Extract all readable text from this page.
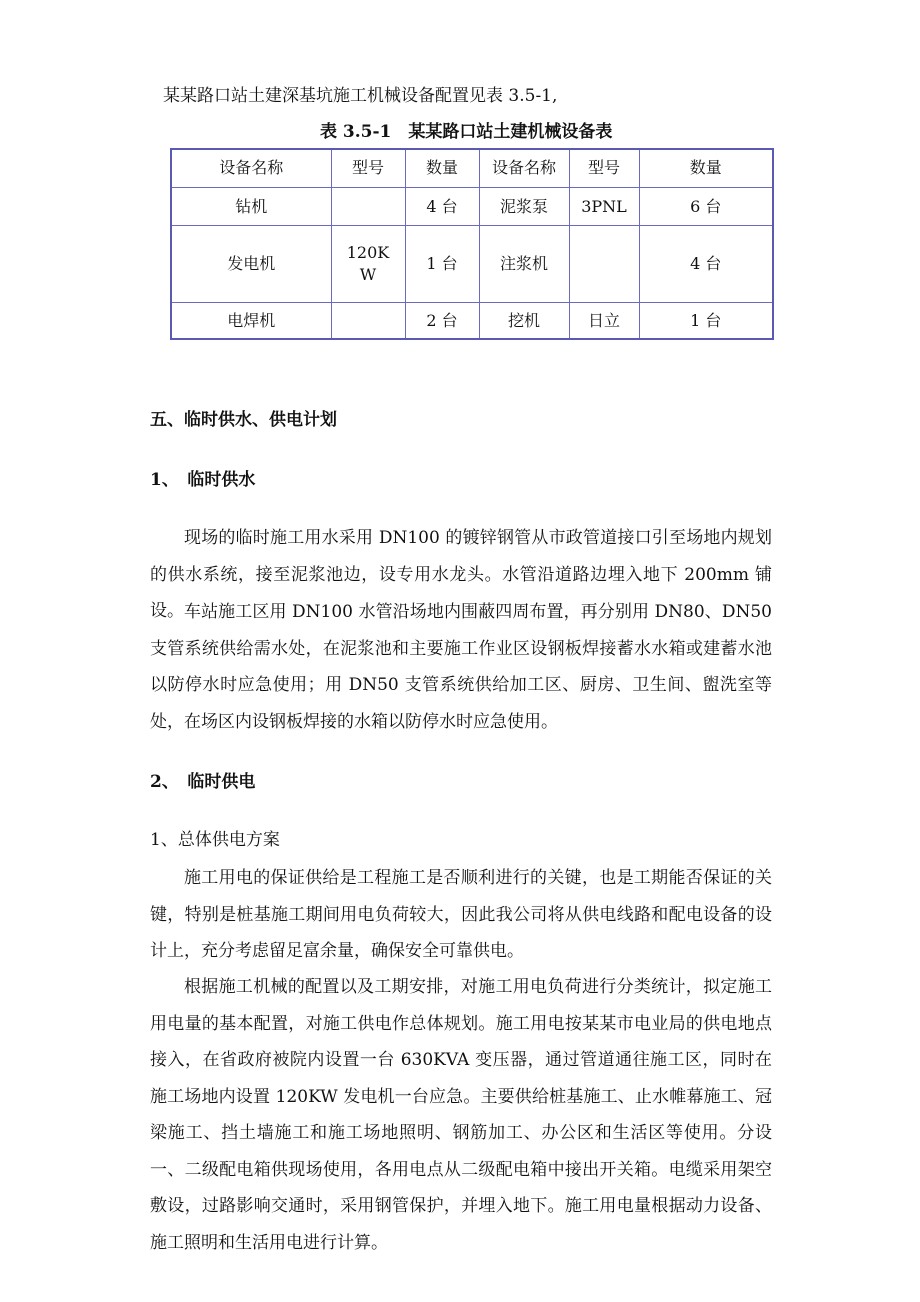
某某路口站土建深基坑施工机械设备配置见表 3.5-1,
表 3.5-1　某某路口站土建机械设备表
设备名称	型号	数量	设备名称	型号	数量
钻机		4 台	泥浆泵	3PNL	6 台
发电机	120KW	1 台	注浆机		4 台
电焊机		2 台	挖机	日立	1 台
五、临时供水、供电计划
1、　临时供水

现场的临时施工用水采用 DN100 的镀锌钢管从市政管道接口引至场地内规划的供水系统，接至泥浆池边，设专用水龙头。水管沿道路边埋入地下 200mm 铺设。 车站施工区用 DN100 水管沿场地内围蔽四周布置，再分别用 DN80、DN50 支管系统供给需水处，在泥浆池和主要施工作业区设钢板焊接蓄水水箱或建蓄水池以防停水时应急使用；用 DN50 支管系统供给加工区、厨房、卫生间、盥洗室等处，在场区内设钢板焊接的水箱以防停水时应急使用。

2、　临时供电
1、总体供电方案

施工用电的保证供给是工程施工是否顺利进行的关键，也是工期能否保证的关键，特别是桩基施工期间用电负荷较大，因此我公司将从供电线路和配电设备的设计上，充分考虑留足富余量，确保安全可靠供电。

根据施工机械的配置以及工期安排，对施工用电负荷进行分类统计，拟定施工用电量的基本配置，对施工供电作总体规划。施工用电按某某市电业局的供电地点接入，在省政府被院内设置一台 630KVA 变压器，通过管道通往施工区，同时在施工场地内设置 120KW 发电机一台应急。主要供给桩基施工、止水帷幕施工、冠梁施工、挡土墙施工和施工场地照明、钢筋加工、办公区和生活区等使用。分设一、二级配电箱供现场使用，各用电点从二级配电箱中接出开关箱。电缆采用架空敷设，过路影响交通时，采用钢管保护，并埋入地下。施工用电量根据动力设备、施工照明和生活用电进行计算。
